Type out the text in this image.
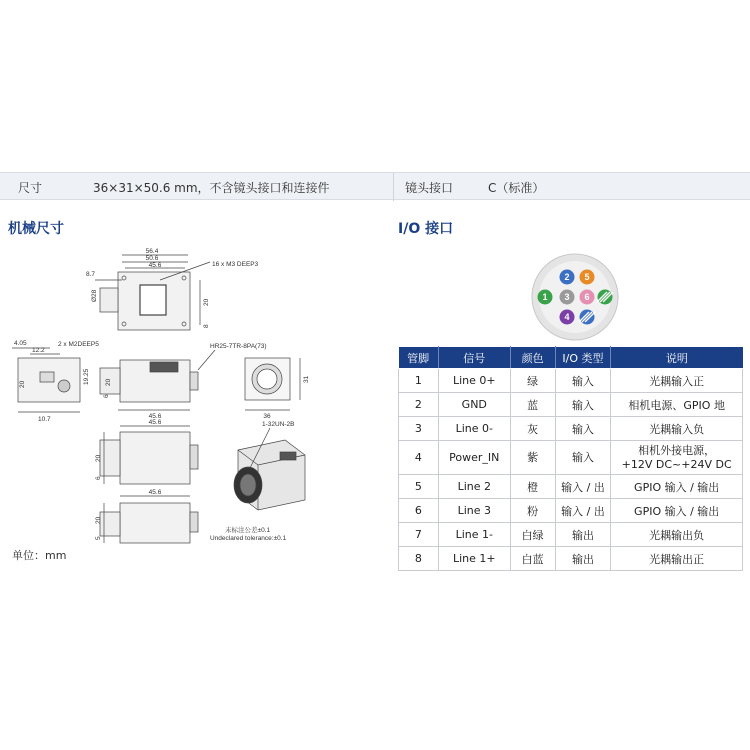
尺寸	36×31×50.6 mm，不含镜头接口和连接件	镜头接口	C（标准）
机械尺寸	I/O 接口
56.4
50.6
45.6
8.7
Ø28
20
8
16 x M3 DEEP3
4.05
12.2
2 x M2DEEP5
20	19.25
10.7
20
6
45.6
HR25-7TR-8PA(73)
36
31
45.6
20
6
45.6
20
5
1-32UN-2B
未标注公差±0.1
Undeclared tolerance:±0.1
单位：mm
1
2
3
4
5
6
管脚	信号	颜色	I/O 类型	说明
1	Line 0+	绿	输入	光耦输入正

2	GND	蓝	输入	相机电源、GPIO 地

3	Line 0-	灰	输入	光耦输入负

4	Power_IN	紫	输入	相机外接电源，
+12V DC~+24V DC

5	Line 2	橙	输入 / 出	GPIO 输入 / 输出

6	Line 3	粉	输入 / 出	GPIO 输入 / 输出

7	Line 1-	白绿	输出	光耦输出负

8	Line 1+	白蓝	输出	光耦输出正
